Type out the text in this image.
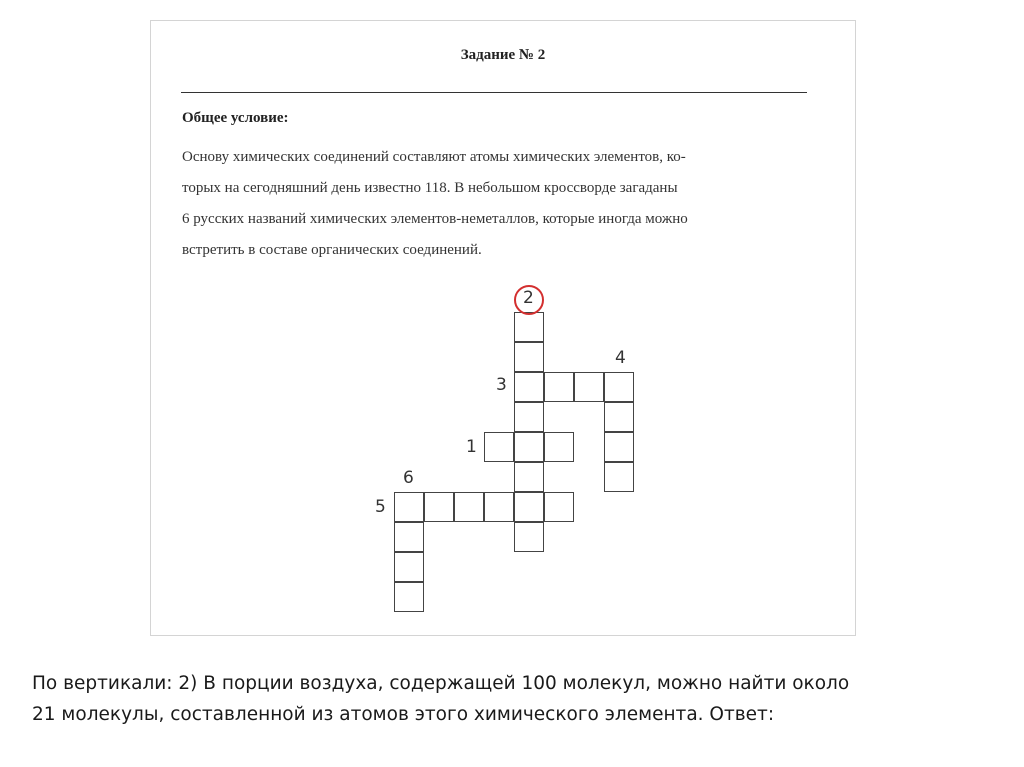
Задание № 2
Общее условие:
Основу химических соединений составляют атомы химических элементов, ко-
торых на сегодняшний день известно 118. В небольшом кроссворде загаданы
6 русских названий химических элементов-неметаллов, которые иногда можно
встретить в составе органических соединений.
2
4
3
1
6
5
По вертикали: 2) В порции воздуха, содержащей 100 молекул, можно найти около
21 молекулы, составленной из атомов этого химического элемента. Ответ:
